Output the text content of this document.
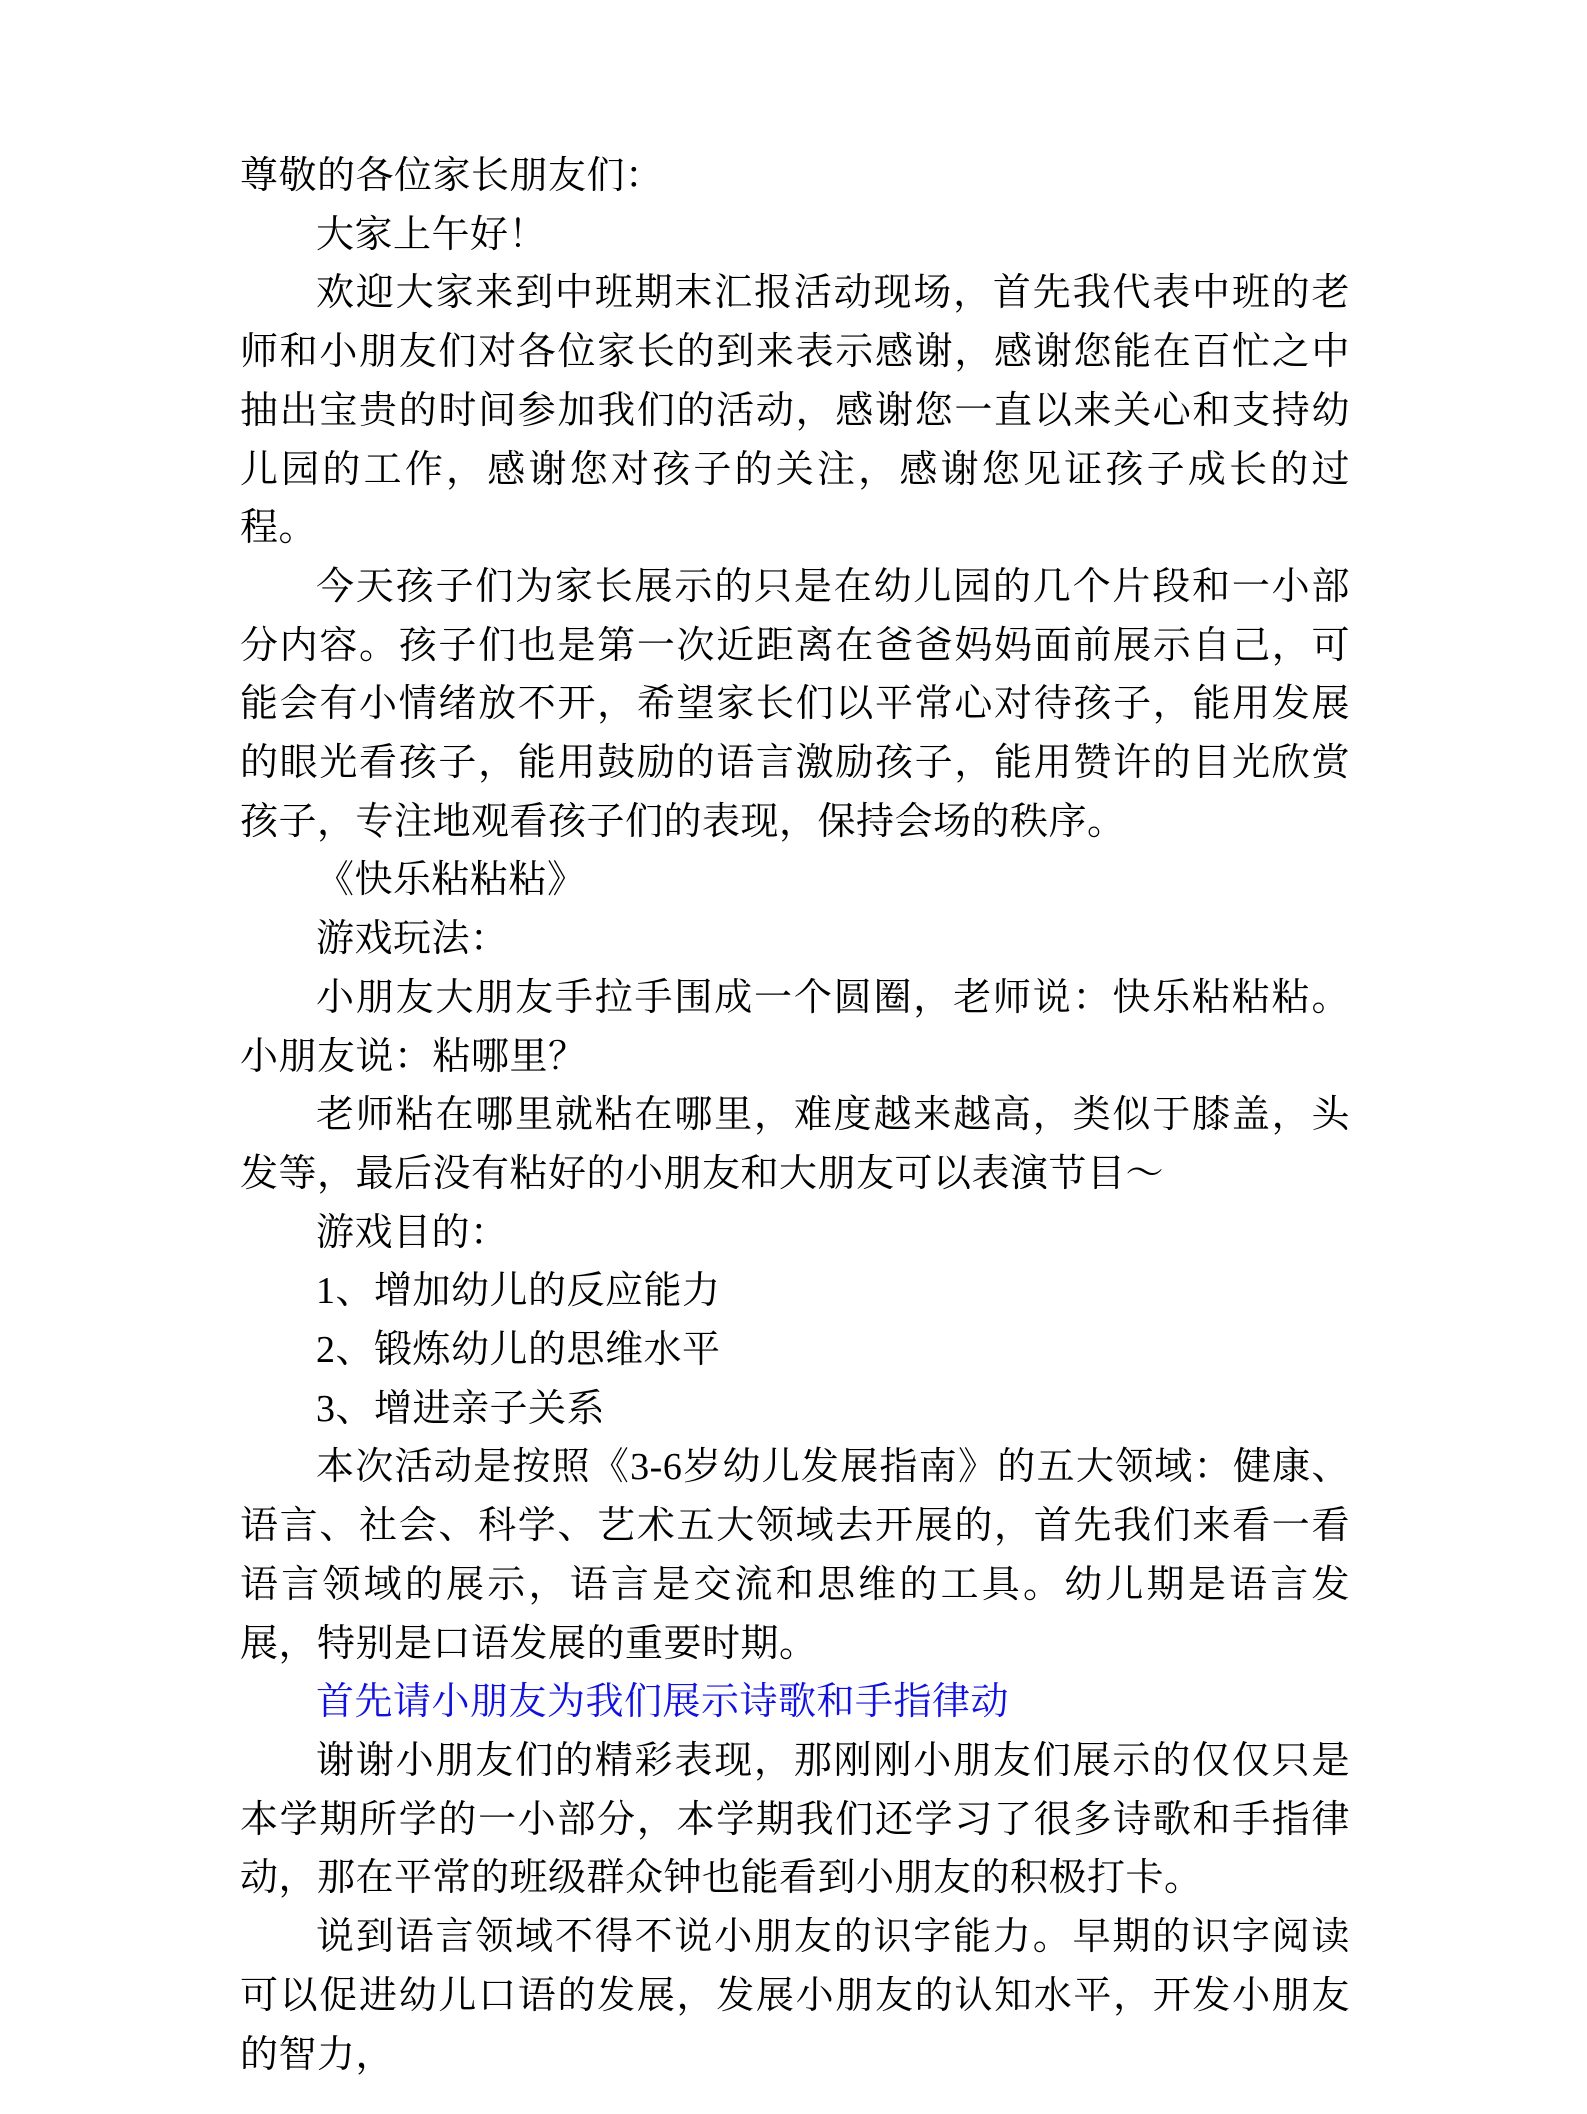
尊敬的各位家长朋友们：

大家上午好！

欢迎大家来到中班期末汇报活动现场，首先我代表中班的老师和小朋友们对各位家长的到来表示感谢，感谢您能在百忙之中抽出宝贵的时间参加我们的活动，感谢您一直以来关心和支持幼儿园的工作，感谢您对孩子的关注，感谢您见证孩子成长的过程。

今天孩子们为家长展示的只是在幼儿园的几个片段和一小部分内容。孩子们也是第一次近距离在爸爸妈妈面前展示自己，可能会有小情绪放不开，希望家长们以平常心对待孩子，能用发展的眼光看孩子，能用鼓励的语言激励孩子，能用赞许的目光欣赏孩子，专注地观看孩子们的表现，保持会场的秩序。

《快乐粘粘粘》

游戏玩法：

小朋友大朋友手拉手围成一个圆圈，老师说：快乐粘粘粘。小朋友说：粘哪里？

老师粘在哪里就粘在哪里，难度越来越高，类似于膝盖，头发等，最后没有粘好的小朋友和大朋友可以表演节目～

游戏目的：

1、增加幼儿的反应能力

2、锻炼幼儿的思维水平

3、增进亲子关系

本次活动是按照《3-6岁幼儿发展指南》的五大领域：健康、语言、社会、科学、艺术五大领域去开展的，首先我们来看一看语言领域的展示，语言是交流和思维的工具。幼儿期是语言发展，特别是口语发展的重要时期。

首先请小朋友为我们展示诗歌和手指律动

谢谢小朋友们的精彩表现，那刚刚小朋友们展示的仅仅只是本学期所学的一小部分，本学期我们还学习了很多诗歌和手指律动，那在平常的班级群众钟也能看到小朋友的积极打卡。

说到语言领域不得不说小朋友的识字能力。早期的识字阅读可以促进幼儿口语的发展，发展小朋友的认知水平，开发小朋友的智力，
